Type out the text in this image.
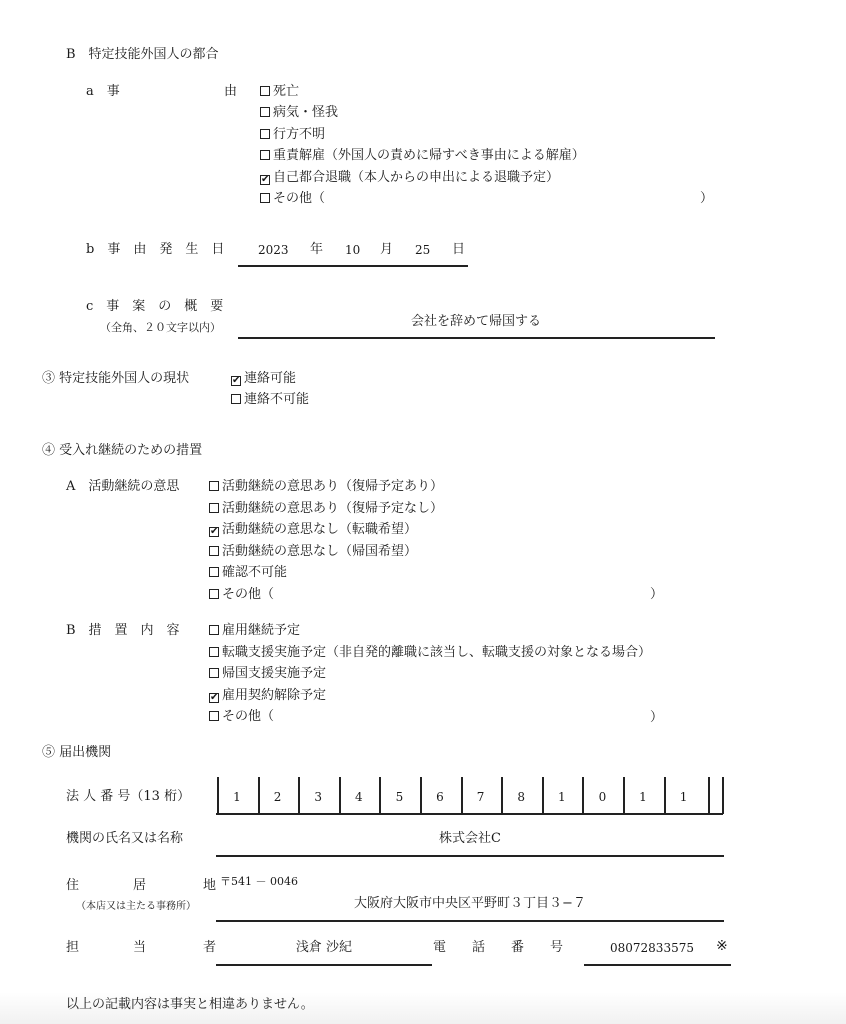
B　特定技能外国人の都合
a　事	由	死亡
病気・怪我
行方不明
重責解雇（外国人の責めに帰すべき事由による解雇）
✔ 自己都合退職（本人からの申出による退職予定）
その他（	）
b　事　由　発　生　日	2023 年 10 月 25 日
c　事　案　の　概　要
（全角、２０文字以内）	会社を辞めて帰国する
③ 特定技能外国人の現状	✔ 連絡可能
連絡不可能
④ 受入れ継続のための措置
A　活動継続の意思	活動継続の意思あり（復帰予定あり）
活動継続の意思あり（復帰予定なし）
✔ 活動継続の意思なし（転職希望）
活動継続の意思なし（帰国希望）
確認不可能
その他（	）
B　措　置　内　容	雇用継続予定
転職支援実施予定（非自発的離職に該当し、転職支援の対象となる場合）
帰国支援実施予定
✔ 雇用契約解除予定
その他（	）
⑤ 届出機関
法 人 番 号（13 桁）	1	2	3	4	5	6	7	8	1	0	1	1
機関の氏名又は名称	株式会社C
住	居	地
（本店又は主たる事務所）
〒541 － 0046
大阪府大阪市中央区平野町３丁目３−７
担	当	者	浅倉 沙紀	電　　話　　番　　号	08072833575 ※
以上の記載内容は事実と相違ありません。
